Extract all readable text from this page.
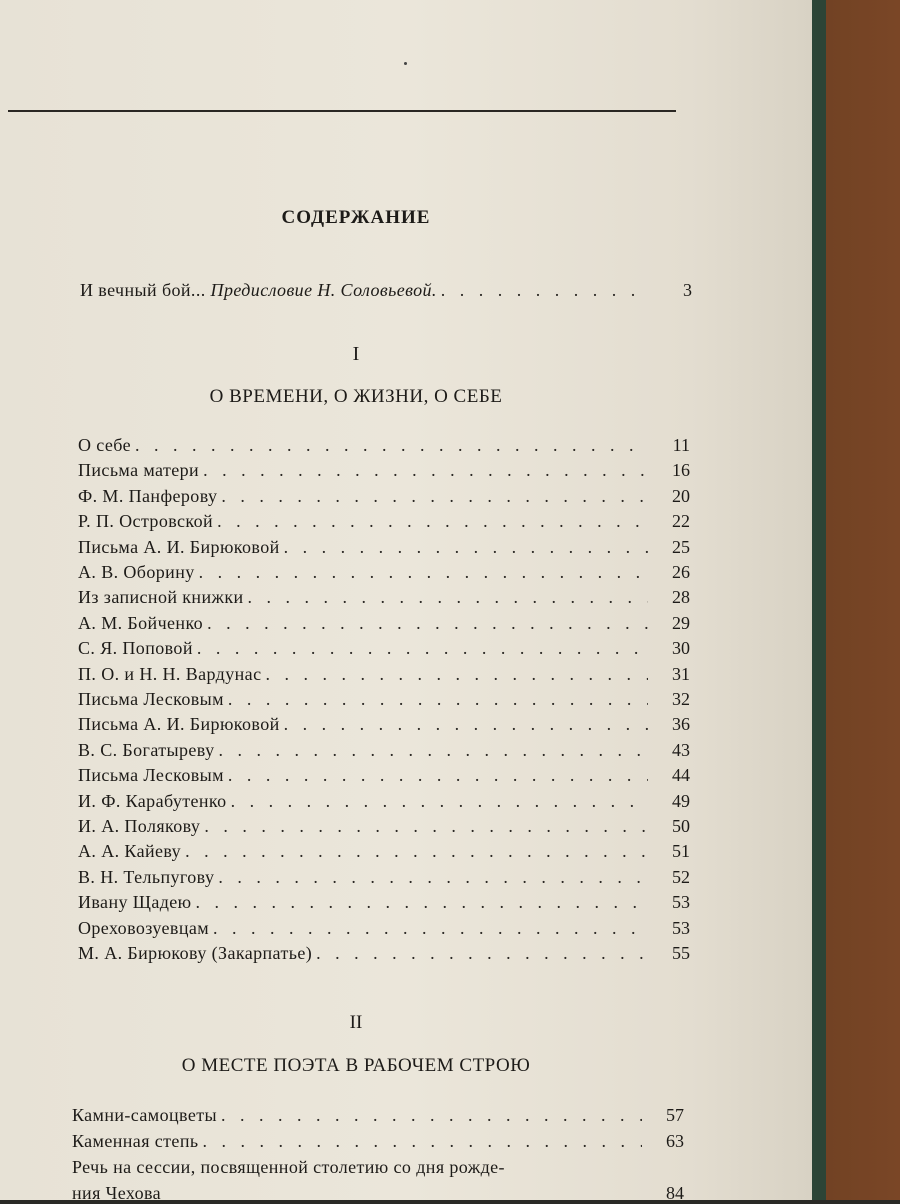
СОДЕРЖАНИЕ
И вечный бой... Предисловие Н. Соловьевой. . . .	3
I
О ВРЕМЕНИ, О ЖИЗНИ, О СЕБЕ
О себе . . .	11
Письма матери . . .	16
Ф. М. Панферову . . .	20
Р. П. Островской . . .	22
Письма А. И. Бирюковой . . .	25
А. В. Оборину . . .	26
Из записной книжки . . .	28
А. М. Бойченко . . .	29
С. Я. Поповой . . .	30
П. О. и Н. Н. Вардунас . . .	31
Письма Лесковым . . .	32
Письма А. И. Бирюковой . . .	36
В. С. Богатыреву . . .	43
Письма Лесковым . . .	44
И. Ф. Карабутенко . . .	49
И. А. Полякову . . .	50
А. А. Кайеву . . .	51
В. Н. Тельпугову . . .	52
Ивану Щадею . . .	53
Ореховозуевцам . . .	53
М. А. Бирюкову (Закарпатье) . . .	55
II
О МЕСТЕ ПОЭТА В РАБОЧЕМ СТРОЮ
Камни-самоцветы . . .	57
Каменная степь . . .	63
Речь на сессии, посвященной столетию со дня рожде-
ния Чехова	84
